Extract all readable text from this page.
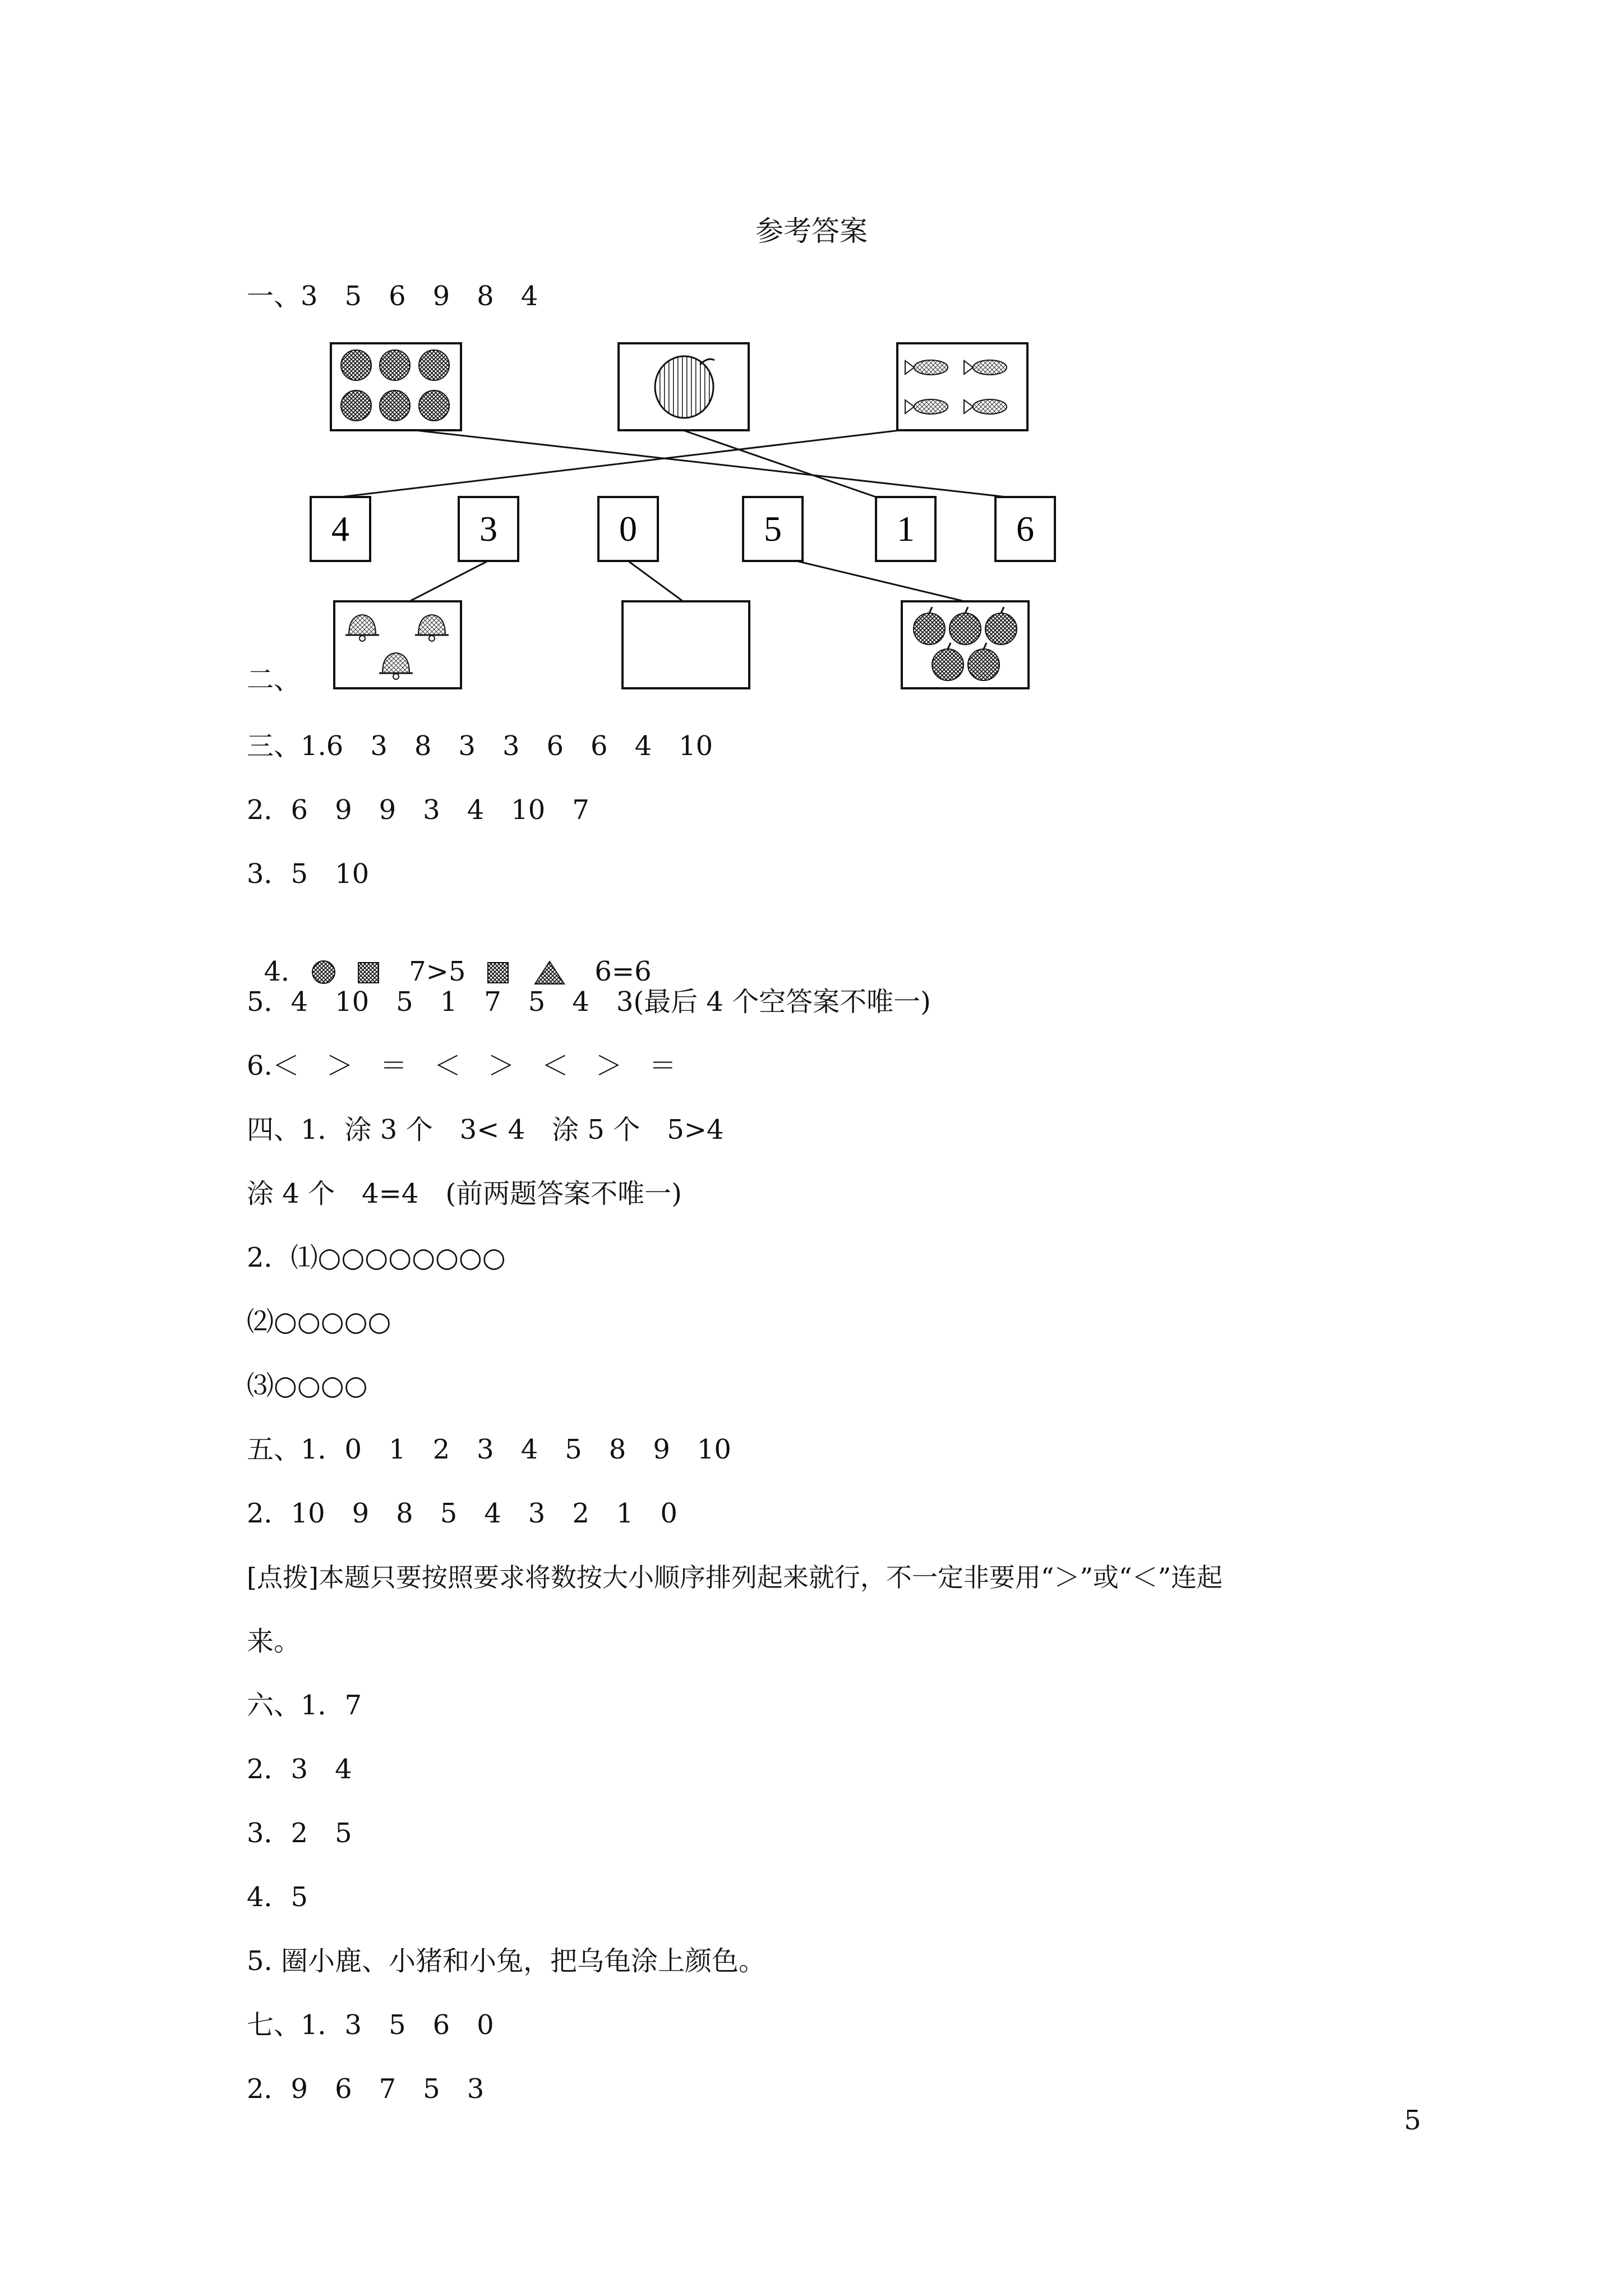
参考答案
一、3　5　6　9　8　4
4	3	0	5	1	6
二、
三、1.6　3　8　3　3　6　6　4　10
2．6　9　9　3　4　10　7
3．5　10

4．	7>5	6=6

5．4　10　5　1　7　5　4　3(最后 4 个空答案不唯一)
6.＜　＞　＝　＜　＞　＜　＞　＝
四、1．涂 3 个　3< 4　涂 5 个　5>4
涂 4 个　4=4　(前两题答案不唯一)
2．⑴○○○○○○○○
⑵○○○○○
⑶○○○○
五、1．0　1　2　3　4　5　8　9　10
2．10　9　8　5　4　3　2　1　0
[点拨]本题只要按照要求将数按大小顺序排列起来就行，不一定非要用“＞”或“＜”连起
来。
六、1．7
2．3　4
3．2　5
4．5
5. 圈小鹿、小猪和小兔，把乌龟涂上颜色。
七、1．3　5　6　0
2．9　6　7　5　3
5
